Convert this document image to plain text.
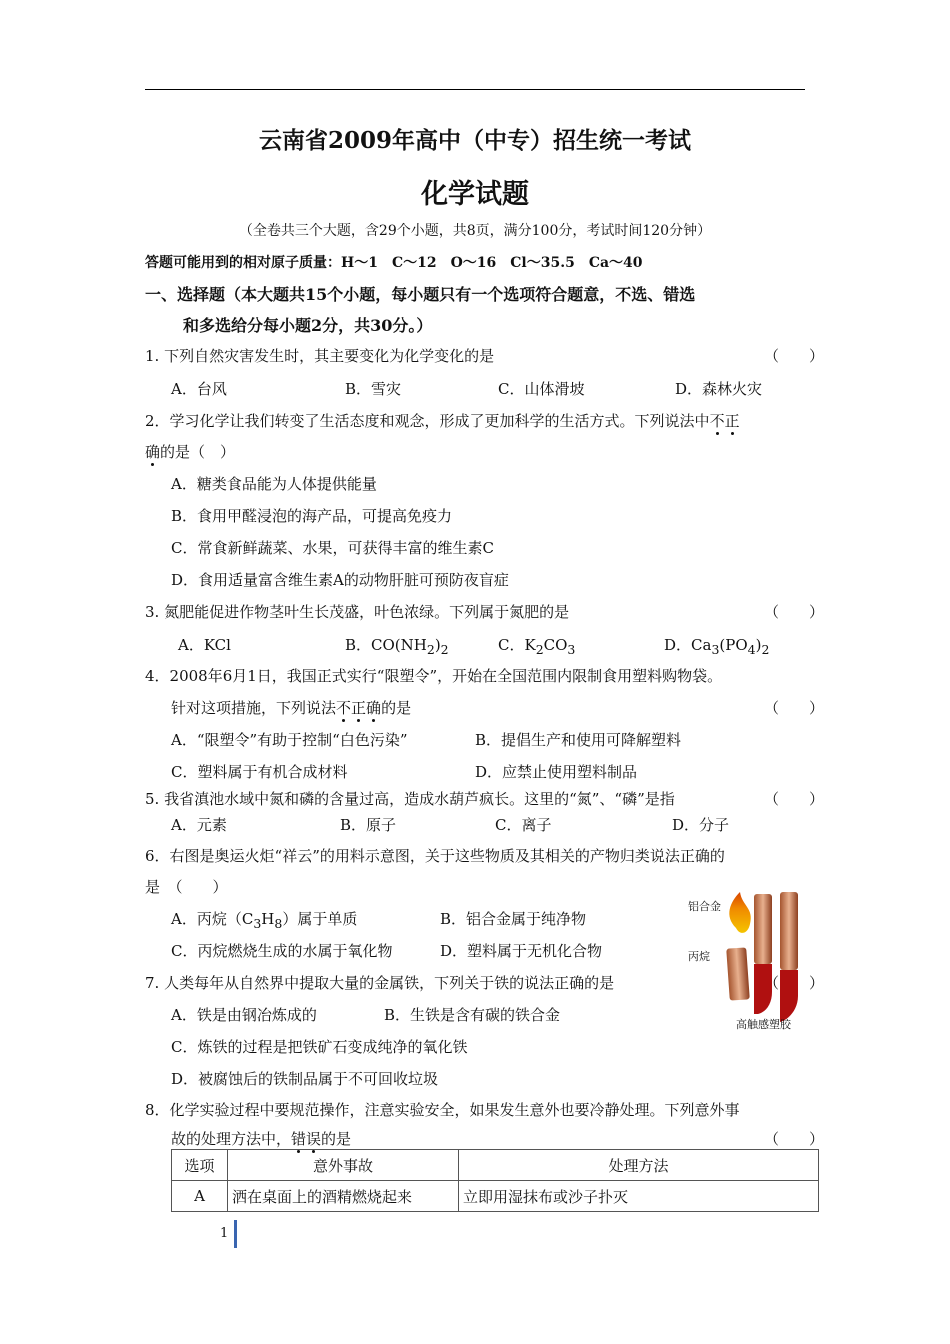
云南省2009年高中（中专）招生统一考试
化学试题
（全卷共三个大题，含29个小题，共8页，满分100分，考试时间120分钟）
答题可能用到的相对原子质量：H～1　C～12　O～16　Cl～35.5　Ca～40
一、选择题（本大题共15个小题，每小题只有一个选项符合题意，不选、错选
和多选给分每小题2分，共30分。）
1. 下列自然灾害发生时，其主要变化为化学变化的是	（　　）
A．台风	B．雪灾	C．山体滑坡	D．森林火灾
2．学习化学让我们转变了生活态度和观念，形成了更加科学的生活方式。下列说法中不正
确的是（　）
A．糖类食品能为人体提供能量
B．食用甲醛浸泡的海产品，可提高免疫力
C．常食新鲜蔬菜、水果，可获得丰富的维生素C
D．食用适量富含维生素A的动物肝脏可预防夜盲症
3. 氮肥能促进作物茎叶生长茂盛，叶色浓绿。下列属于氮肥的是	（　　）
A．KCl	B．$CO(NH_2)_2$	C．$K_2CO_3$	D．$Ca_3(PO_4)_2$
4．2008年6月1日，我国正式实行“限塑令”，开始在全国范围内限制食用塑料购物袋。
针对这项措施，下列说法不正确的是	（　　）
A．“限塑令”有助于控制“白色污染”	B．提倡生产和使用可降解塑料
C．塑料属于有机合成材料	D．应禁止使用塑料制品
5. 我省滇池水域中氮和磷的含量过高，造成水葫芦疯长。这里的“氮”、“磷”是指	（　　）
A．元素	B．原子	C．离子	D．分子
6．右图是奥运火炬“祥云”的用料示意图，关于这些物质及其相关的产物归类说法正确的
是　（　　）
A．丙烷$(C_3H_8)$属于单质	B．铝合金属于纯净物
C．丙烷燃烧生成的水属于氧化物	D．塑料属于无机化合物
铝合金
丙烷
高触感塑胶
7. 人类每年从自然界中提取大量的金属铁，下列关于铁的说法正确的是	（　　）
A．铁是由钢冶炼成的	B．生铁是含有碳的铁合金
C．炼铁的过程是把铁矿石变成纯净的氧化铁
D．被腐蚀后的铁制品属于不可回收垃圾
8．化学实验过程中要规范操作，注意实验安全，如果发生意外也要冷静处理。下列意外事
故的处理方法中，错误的是	（　　）
选项	意外事故	处理方法
A	洒在桌面上的酒精燃烧起来	立即用湿抹布或沙子扑灭
1
